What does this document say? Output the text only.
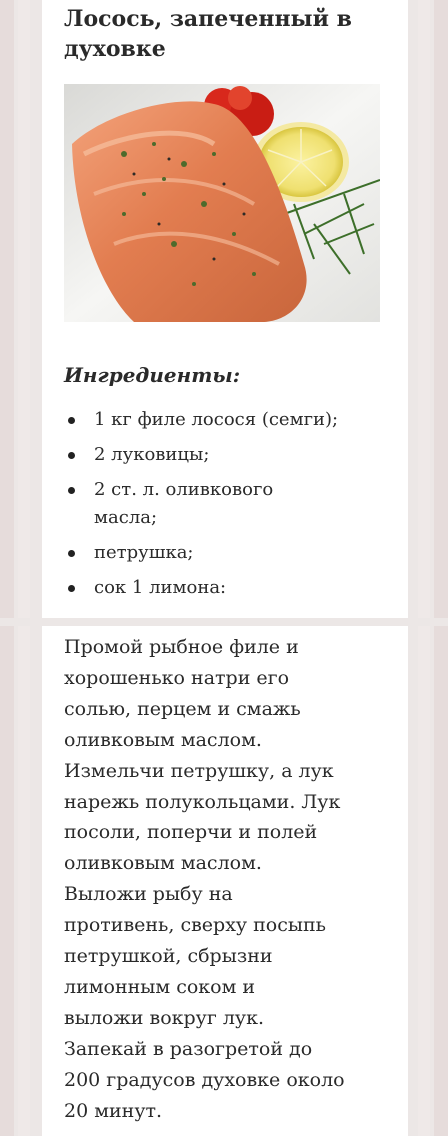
Лосось, запеченный в
духовке
Ингредиенты:
1 кг филе лосося (семги);
2 луковицы;
2 ст. л. оливкового
масла;
петрушка;
сок 1 лимона:
Промой рыбное филе и
хорошенько натри его
солью, перцем и смажь
оливковым маслом.
Измельчи петрушку, а лук
нарежь полукольцами. Лук
посоли, поперчи и полей
оливковым маслом.
Выложи рыбу на
противень, сверху посыпь
петрушкой, сбрызни
лимонным соком и
выложи вокруг лук.
Запекай в разогретой до
200 градусов духовке около
20 минут.
